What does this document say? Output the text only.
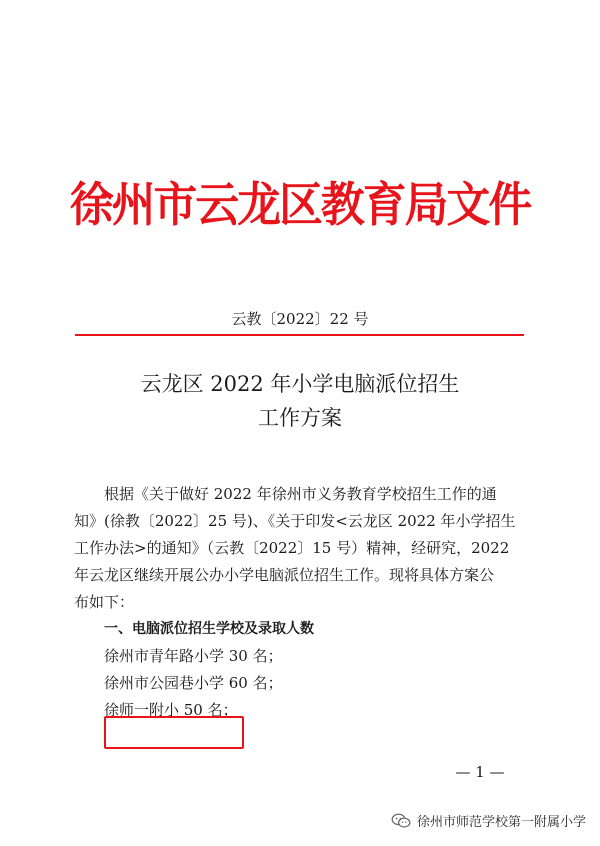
徐州市云龙区教育局文件
云教〔2022〕22 号
云龙区 2022 年小学电脑派位招生
工作方案

根据《关于做好 2022 年徐州市义务教育学校招生工作的通

知》(徐教〔2022〕25 号)、《关于印发<云龙区 2022 年小学招生

工作办法>的通知》（云教〔2022〕15 号）精神，经研究，2022

年云龙区继续开展公办小学电脑派位招生工作。现将具体方案公

布如下：

一、电脑派位招生学校及录取人数

徐州市青年路小学 30 名；

徐州市公园巷小学 60 名；

徐师一附小 50 名；

— 1 —
徐州市师范学校第一附属小学
